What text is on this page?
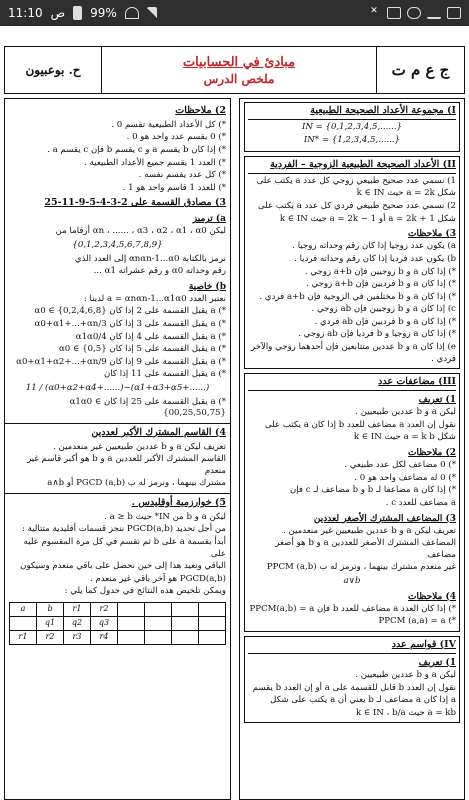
11:10 ص 99%	✕
ج ع م ت
مبادئ في الحسابيات
ملخص الدرس
ح. بوعبيون
2) ملاحظات
*) كل الأعداد الطبيعية تقسم 0 .
*) 0 يقسم عدد واحد هو 0 .
*) إذا كان b يقسم a و c يقسم b فإن c يقسم a .
*) العدد 1 يقسم جميع الأعداد الطبيعية .
*) كل عدد يقسم نفسه .
*) للعدد 1 قاسم واحد هو 1 .
3) مصادق القسمة على 2-3-4-5-9-11-25
a) ترميز
ليكن αn ، ...... ، α3 ، α2 ، α1 ، α0 أرقاما من
{0,1,2,3,4,5,6,7,8,9}
نرمز بالكتابة αnαn-1...α0 إلى العدد الذي
رقم وحداته α0 و رقم عشراته α1 ...
b) خاصية
نعتبر العدد a = αnαn-1...α1α0 لدينا :
*) a يقبل القسمة على 2 إذا كان α0 ∈ {0,2,4,6,8}
*) a يقبل القسمة على 3 إذا كان 3/α0+α1+...+αn
*) a يقبل القسمة على 4 إذا كان 4/α1α0
*) a يقبل القسمة على 5 إذا كان α0 ∈ {0,5}
*) a يقبل القسمة على 9 إذا كان 9/α0+α1+α2+...+αn
*) a يقبل القسمة على 11 إذا كان
11 / (α0+α2+α4+......)−(α1+α3+α5+......)
*) a يقبل القسمة على 25 إذا كان α1α0 ∈ {00,25,50,75}
4) القاسم المشترك الأكبر لعددين
تعريف ليكن a و b عددين طبيعيين غير منعدمين .
القاسم المشترك الأكبر للعددين a و b هو أكبر قاسم غير منعدم
مشترك بينهما ، ونرمز له ب PGCD (a,b) أو a∧b
5) خوارزمية أوقليدس .
ليكن a و b من IN* حيث a ≥ b .
من أجل تحديد PGCD(a,b) ننجز قسمات أقليدية متتالية :
أبدأ بقسمة a على b ثم نقسم في كل مرة المقسوم عليه على
الباقي ونعيد هذا إلى حين نحصل على باقي منعدم وسيكون
PGCD(a,b) هو آخر باقي غير منعدم .
ويمكن تلخيص هذه النتائج في جدول كما يلي :
a	b	r1	r2				
	q1	q2	q3				
r1	r2	r3	r4				
I) مجموعة الأعداد الصحيحة الطبيعية
IN = {0,1,2,3,4,5,......}
IN* = {1,2,3,4,5,......}
II) الأعداد الصحيحة الطبيعية الزوجية – الفردية
1) نسمي عدد صحيح طبيعي زوجي كل عدد a يكتب على
شكل a = 2k حيث k ∈ IN
2) نسمي عدد صحيح طبيعي فردي كل عدد a يكتب على
شكل a = 2k + 1 أو a = 2k − 1 حيث k ∈ IN
3) ملاحظات
a) يكون عدد زوجيا إذا كان رقم وحداته زوجيا .
b) يكون عدد فرديا إذا كان رقم وحداته فرديا .
*) إذا كان a و b زوجيين فإن a+b زوجي .
*) إذا كان a و b فرديين فإن a+b زوجي .
*) إذا كان a و b مختلفين في الزوجية فإن a+b فردي .
c) إذا كان a و b زوجيين فإن ab زوجي .
*) إذا كان a و b فرديين فإن ab فردي .
*) إذا كان a زوجيا و b فرديا فإن ab زوجي .
e) إذا كان a و b عددين متتابعين فإن أحدهما زوجي والآخر فردي .
III) مضاعفات عدد
1) تعريف
ليكن a و b عددين طبيعيين .
نقول إن العدد a مضاعف للعدد b إذا كان a يكتب على
شكل a = k b حيث k ∈ IN
2) ملاحظات
*) 0 مضاعف لكل عدد طبيعي .
*) 0 له مضاعف واحد هو 0 .
*) إذا كان a مضاعفا لـ b و b مضاعف لـ c فإن
a مضاعف للعدد c .
3) المضاعف المشترك الأصغر لعددين
تعريف ليكن a و b عددين طبيعيين غير منعدمين .
المضاعف المشترك الأصغر للعددين a و b هو أصغر مضاعف
غير منعدم مشترك بينهما ، ونرمز له ب PPCM (a,b)
a∨b
4) ملاحظات
*) إذا كان العدد a مضاعف للعدد b فإن PPCM(a,b) = a
*) PPCM (a,a) = a
IV) قواسم عدد
1) تعريف
ليكن a و b عددين طبيعيين .
نقول إن العدد b قابل للقسمة على a أو إن العدد b يقسم
a إذا كان a مضاعف لـ b يعني أن a يكتب على شكل
a = kb حيث k ∈ IN ، b/a
